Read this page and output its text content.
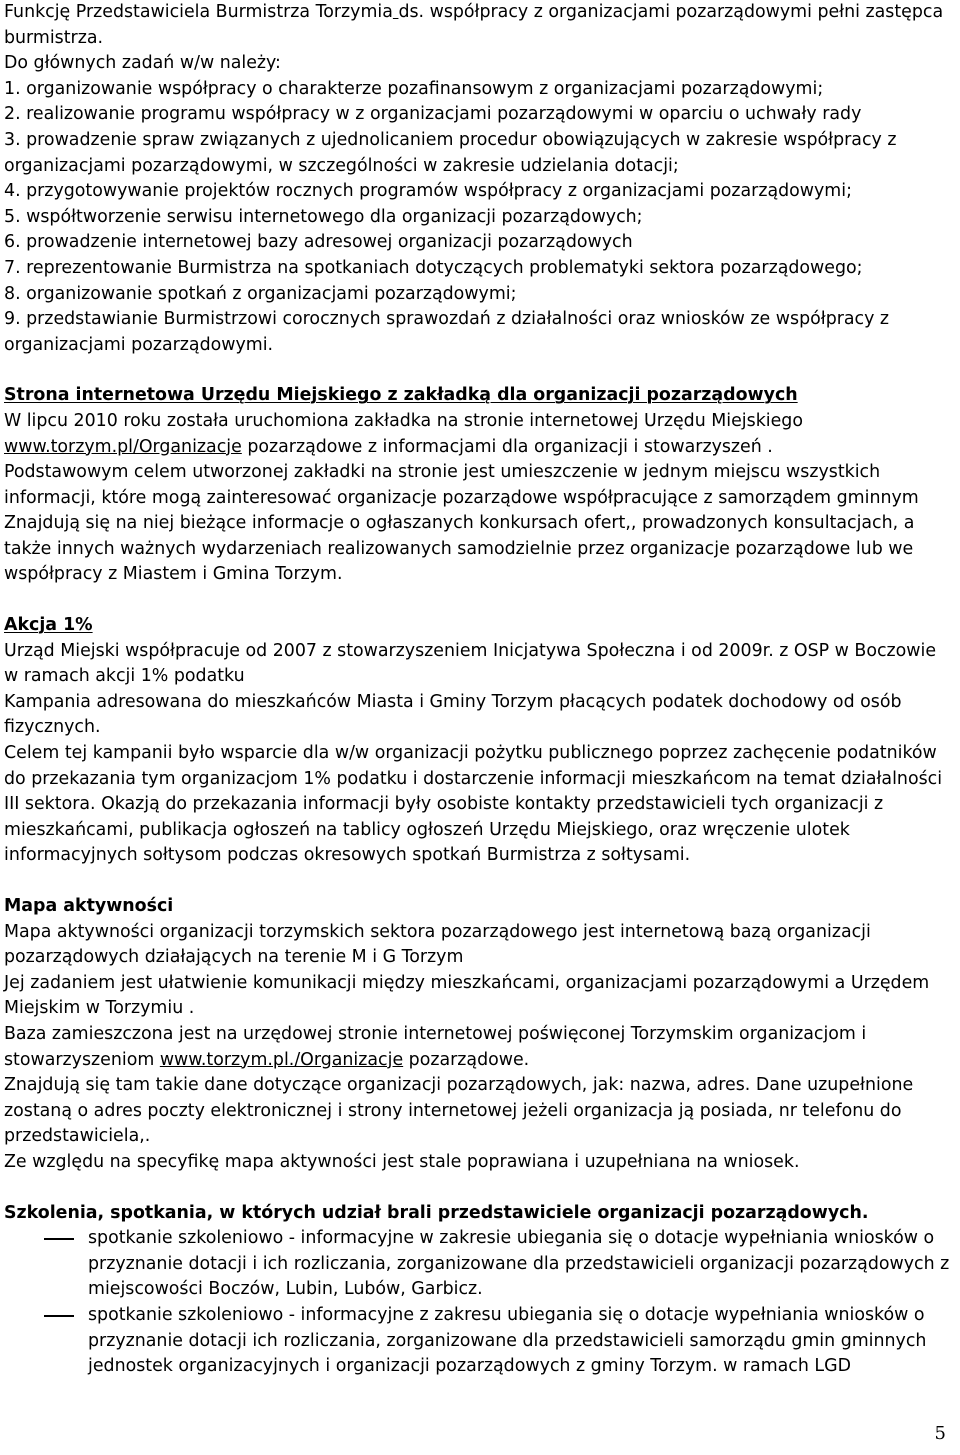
Funkcję Przedstawiciela Burmistrza Torzymia ds. współpracy z organizacjami pozarządowymi pełni zastępca burmistrza.

Do głównych zadań w/w należy:

1. organizowanie współpracy o charakterze pozafinansowym z organizacjami pozarządowymi;

2. realizowanie programu współpracy w z organizacjami pozarządowymi w oparciu o uchwały rady

3. prowadzenie spraw związanych z ujednolicaniem procedur obowiązujących w zakresie współpracy z organizacjami pozarządowymi, w szczególności w zakresie udzielania dotacji;

4. przygotowywanie projektów rocznych programów współpracy z organizacjami pozarządowymi;

5. współtworzenie serwisu internetowego dla organizacji pozarządowych;

6. prowadzenie internetowej bazy adresowej organizacji pozarządowych

7. reprezentowanie Burmistrza na spotkaniach dotyczących problematyki sektora pozarządowego;

8. organizowanie spotkań z organizacjami pozarządowymi;

9. przedstawianie Burmistrzowi corocznych sprawozdań z działalności oraz wniosków ze współpracy z organizacjami pozarządowymi.

Strona internetowa Urzędu Miejskiego z zakładką dla organizacji pozarządowych

W lipcu 2010 roku została uruchomiona zakładka na stronie internetowej Urzędu Miejskiego www.torzym.pl/Organizacje pozarządowe z informacjami dla organizacji i stowarzyszeń .

Podstawowym celem utworzonej zakładki na stronie jest umieszczenie w jednym miejscu wszystkich informacji, które mogą zainteresować organizacje pozarządowe współpracujące z samorządem gminnym Znajdują się na niej bieżące informacje o ogłaszanych konkursach ofert,, prowadzonych konsultacjach, a także innych ważnych wydarzeniach realizowanych samodzielnie przez organizacje pozarządowe lub we współpracy z Miastem i Gmina Torzym.

Akcja 1%

Urząd Miejski współpracuje od 2007 z stowarzyszeniem Inicjatywa Społeczna i od 2009r. z OSP w Boczowie w ramach akcji 1% podatku

Kampania adresowana do mieszkańców Miasta i Gminy Torzym płacących podatek dochodowy od osób fizycznych.

Celem tej kampanii było wsparcie dla w/w organizacji pożytku publicznego poprzez zachęcenie podatników do przekazania tym organizacjom 1% podatku i dostarczenie informacji mieszkańcom na temat działalności III sektora. Okazją do przekazania informacji były osobiste kontakty przedstawicieli tych organizacji z mieszkańcami, publikacja ogłoszeń na tablicy ogłoszeń Urzędu Miejskiego, oraz wręczenie ulotek informacyjnych sołtysom podczas okresowych spotkań Burmistrza z sołtysami.

Mapa aktywności

Mapa aktywności organizacji torzymskich sektora pozarządowego jest internetową bazą organizacji pozarządowych działających na terenie M i G Torzym

Jej zadaniem jest ułatwienie komunikacji między mieszkańcami, organizacjami pozarządowymi a Urzędem Miejskim w Torzymiu .

Baza zamieszczona jest na urzędowej stronie internetowej poświęconej Torzymskim organizacjom i stowarzyszeniom www.torzym.pl./Organizacje pozarządowe.

Znajdują się tam takie dane dotyczące organizacji pozarządowych, jak: nazwa, adres. Dane uzupełnione zostaną o adres poczty elektronicznej i strony internetowej jeżeli organizacja ją posiada, nr telefonu do przedstawiciela,.

Ze względu na specyfikę mapa aktywności jest stale poprawiana i uzupełniana na wniosek.

Szkolenia, spotkania, w których udział brali przedstawiciele organizacji pozarządowych.

spotkanie szkoleniowo - informacyjne w zakresie ubiegania się o dotacje wypełniania wniosków o przyznanie dotacji i ich rozliczania, zorganizowane dla przedstawicieli organizacji pozarządowych z miejscowości Boczów, Lubin, Lubów, Garbicz.

spotkanie szkoleniowo - informacyjne z zakresu ubiegania się o dotacje wypełniania wniosków o przyznanie dotacji ich rozliczania, zorganizowane dla przedstawicieli samorządu gmin gminnych jednostek organizacyjnych i organizacji pozarządowych z gminy Torzym. w ramach LGD

5
